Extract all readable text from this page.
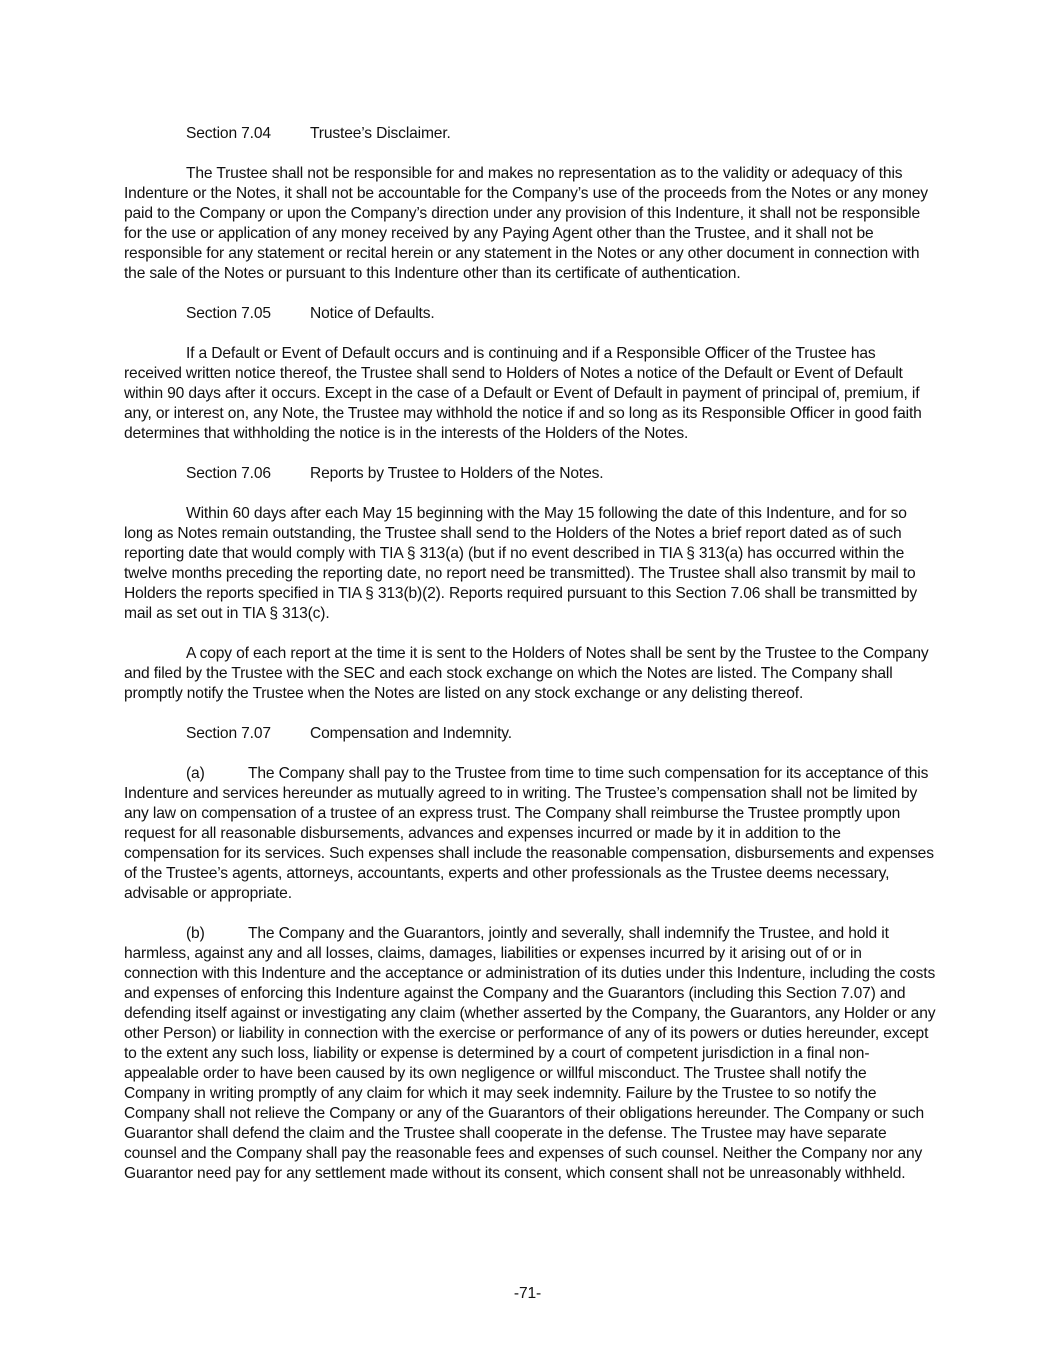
Section 7.04	Trustee’s Disclaimer.

The Trustee shall not be responsible for and makes no representation as to the validity or adequacy of this Indenture or the Notes, it shall not be accountable for the Company’s use of the proceeds from the Notes or any money paid to the Company or upon the Company’s direction under any provision of this Indenture, it shall not be responsible for the use or application of any money received by any Paying Agent other than the Trustee, and it shall not be responsible for any statement or recital herein or any statement in the Notes or any other document in connection with the sale of the Notes or pursuant to this Indenture other than its certificate of authentication.

Section 7.05	Notice of Defaults.

If a Default or Event of Default occurs and is continuing and if a Responsible Officer of the Trustee has received written notice thereof, the Trustee shall send to Holders of Notes a notice of the Default or Event of Default within 90 days after it occurs. Except in the case of a Default or Event of Default in payment of principal of, premium, if any, or interest on, any Note, the Trustee may withhold the notice if and so long as its Responsible Officer in good faith determines that withholding the notice is in the interests of the Holders of the Notes.

Section 7.06	Reports by Trustee to Holders of the Notes.

Within 60 days after each May 15 beginning with the May 15 following the date of this Indenture, and for so long as Notes remain outstanding, the Trustee shall send to the Holders of the Notes a brief report dated as of such reporting date that would comply with TIA § 313(a) (but if no event described in TIA § 313(a) has occurred within the twelve months preceding the reporting date, no report need be transmitted). The Trustee shall also transmit by mail to Holders the reports specified in TIA § 313(b)(2). Reports required pursuant to this Section 7.06 shall be transmitted by mail as set out in TIA § 313(c).

A copy of each report at the time it is sent to the Holders of Notes shall be sent by the Trustee to the Company and filed by the Trustee with the SEC and each stock exchange on which the Notes are listed. The Company shall promptly notify the Trustee when the Notes are listed on any stock exchange or any delisting thereof.

Section 7.07	Compensation and Indemnity.

(a)	The Company shall pay to the Trustee from time to time such compensation for its acceptance of this Indenture and services hereunder as mutually agreed to in writing. The Trustee’s compensation shall not be limited by any law on compensation of a trustee of an express trust. The Company shall reimburse the Trustee promptly upon request for all reasonable disbursements, advances and expenses incurred or made by it in addition to the compensation for its services. Such expenses shall include the reasonable compensation, disbursements and expenses of the Trustee’s agents, attorneys, accountants, experts and other professionals as the Trustee deems necessary, advisable or appropriate.

(b)	The Company and the Guarantors, jointly and severally, shall indemnify the Trustee, and hold it harmless, against any and all losses, claims, damages, liabilities or expenses incurred by it arising out of or in connection with this Indenture and the acceptance or administration of its duties under this Indenture, including the costs and expenses of enforcing this Indenture against the Company and the Guarantors (including this Section 7.07) and defending itself against or investigating any claim (whether asserted by the Company, the Guarantors, any Holder or any other Person) or liability in connection with the exercise or performance of any of its powers or duties hereunder, except to the extent any such loss, liability or expense is determined by a court of competent jurisdiction in a final non-appealable order to have been caused by its own negligence or willful misconduct. The Trustee shall notify the Company in writing promptly of any claim for which it may seek indemnity. Failure by the Trustee to so notify the Company shall not relieve the Company or any of the Guarantors of their obligations hereunder. The Company or such Guarantor shall defend the claim and the Trustee shall cooperate in the defense. The Trustee may have separate counsel and the Company shall pay the reasonable fees and expenses of such counsel. Neither the Company nor any Guarantor need pay for any settlement made without its consent, which consent shall not be unreasonably withheld.

-71-
